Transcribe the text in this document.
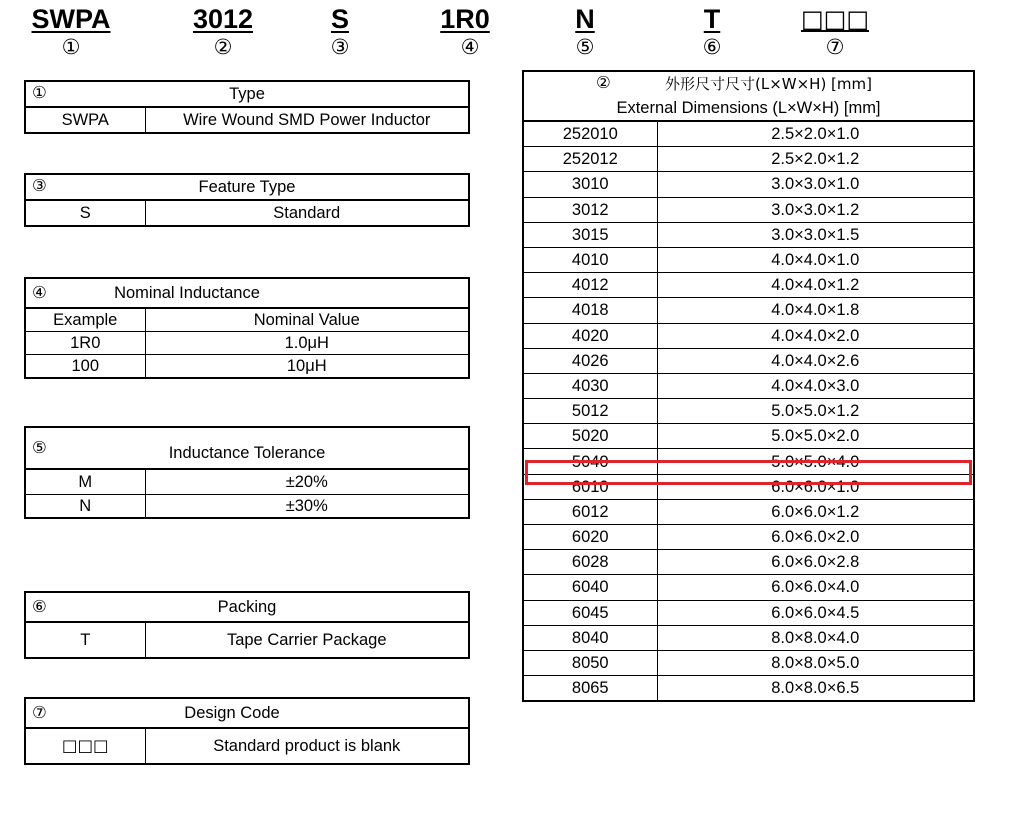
SWPA
①
3012
②
S
③
1R0
④
N
⑤
T
⑥
□□□
⑦
①	Type
SWPA	Wire Wound SMD Power Inductor
③	Feature Type
S	Standard
④ Nominal Inductance	
Example	Nominal Value
1R0	1.0μH
100	10μH
⑤ Inductance Tolerance	
M	±20%
N	±30%
⑥	Packing
T	Tape Carrier Package
⑦	Design Code
□□□	Standard product is blank
② 外形尺寸尺寸(L×W×H) [mm]	
External Dimensions (L×W×H) [mm]	
252010	2.5×2.0×1.0
252012	2.5×2.0×1.2
3010	3.0×3.0×1.0
3012	3.0×3.0×1.2
3015	3.0×3.0×1.5
4010	4.0×4.0×1.0
4012	4.0×4.0×1.2
4018	4.0×4.0×1.8
4020	4.0×4.0×2.0
4026	4.0×4.0×2.6
4030	4.0×4.0×3.0
5012	5.0×5.0×1.2
5020	5.0×5.0×2.0
5040	5.0×5.0×4.0
6010	6.0×6.0×1.0
6012	6.0×6.0×1.2
6020	6.0×6.0×2.0
6028	6.0×6.0×2.8
6040	6.0×6.0×4.0
6045	6.0×6.0×4.5
8040	8.0×8.0×4.0
8050	8.0×8.0×5.0
8065	8.0×8.0×6.5
